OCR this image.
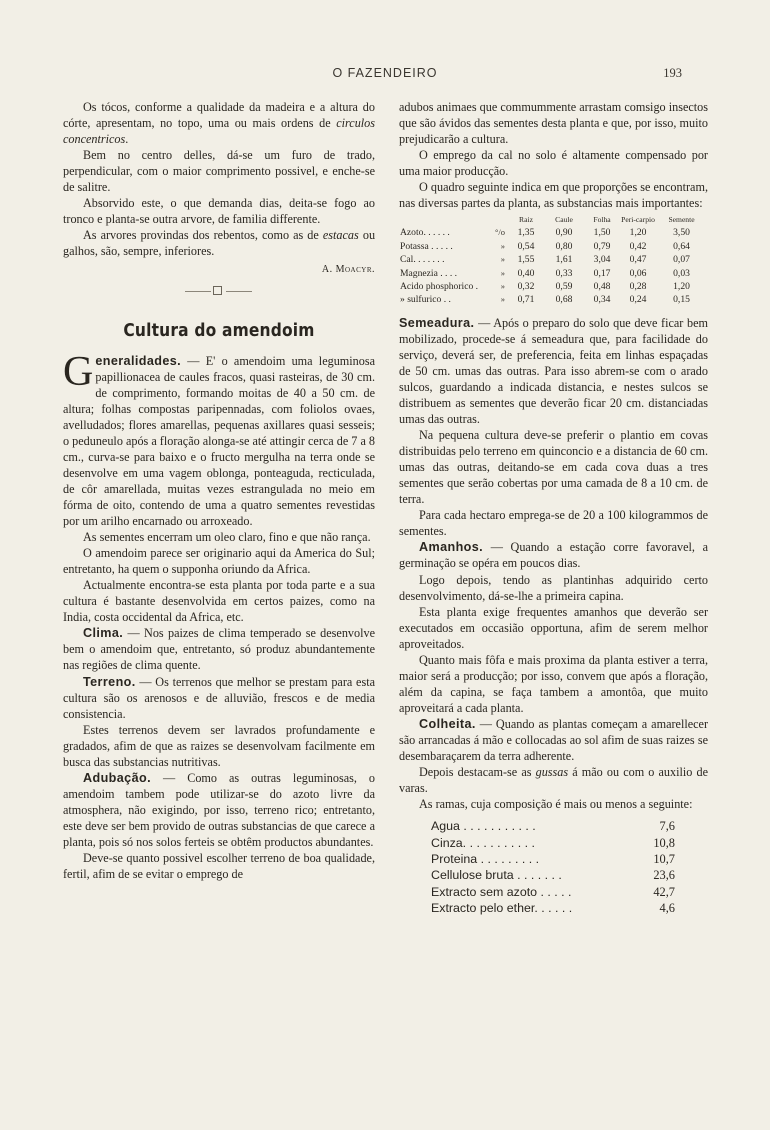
O FAZENDEIRO	193

Os tócos, conforme a qualidade da madeira e a altura do córte, apresentam, no topo, uma ou mais ordens de circulos concentricos.

Bem no centro delles, dá-se um furo de trado, perpendicular, com o maior comprimento possivel, e enche-se de salitre.

Absorvido este, o que demanda dias, deita-se fogo ao tronco e planta-se outra arvore, de familia differente.

As arvores provindas dos rebentos, como as de estacas ou galhos, são, sempre, inferiores.

A. Moacyr.
Cultura do amendoim

Generalidades. — E' o amendoim uma leguminosa papillionacea de caules fracos, quasi rasteiras, de 30 cm. de comprimento, formando moitas de 40 a 50 cm. de altura; folhas compostas paripennadas, com foliolos ovaes, avelludados; flores amarellas, pequenas axillares quasi sesseis; o peduneulo após a floração alonga-se até attingir cerca de 7 a 8 cm., curva-se para baixo e o fructo mergulha na terra onde se desenvolve em uma vagem oblonga, ponteaguda, recticulada, de côr amarellada, muitas vezes estrangulada no meio em fórma de oito, contendo de uma a quatro sementes revestidas por um arilho encarnado ou arroxeado.

As sementes encerram um oleo claro, fino e que não rança.

O amendoim parece ser originario aqui da America do Sul; entretanto, ha quem o supponha oriundo da Africa.

Actualmente encontra-se esta planta por toda parte e a sua cultura é bastante desenvolvida em certos paizes, como na India, costa occidental da Africa, etc.

Clima. — Nos paizes de clima temperado se desenvolve bem o amendoim que, entretanto, só produz abundantemente nas regiões de clima quente.

Terreno. — Os terrenos que melhor se prestam para esta cultura são os arenosos e de alluvião, frescos e de media consistencia.

Estes terrenos devem ser lavrados profundamente e gradados, afim de que as raizes se desenvolvam facilmente em busca das substancias nutritivas.

Adubação. — Como as outras leguminosas, o amendoim tambem pode utilizar-se do azoto livre da atmosphera, não exigindo, por isso, terreno rico; entretanto, este deve ser bem provido de outras substancias de que carece a planta, pois só nos solos ferteis se obtêm productos abundantes.

Deve-se quanto possivel escolher terreno de boa qualidade, fertil, afim de se evitar o emprego de

adubos animaes que commummente arrastam comsigo insectos que são ávidos das sementes desta planta e que, por isso, muito prejudicarão a cultura.

O emprego da cal no solo é altamente compensado por uma maior producção.

O quadro seguinte indica em que proporções se encontram, nas diversas partes da planta, as substancias mais importantes:

		Raiz	Caule	Folha	Peri-carpio	Semente
Azoto. . . . . .	°/o	1,35	0,90	1,50	1,20	3,50
Potassa . . . . .	»	0,54	0,80	0,79	0,42	0,64
Cal. . . . . . .	»	1,55	1,61	3,04	0,47	0,07
Magnezia . . . .	»	0,40	0,33	0,17	0,06	0,03
Acido phosphorico .	»	0,32	0,59	0,48	0,28	1,20
» sulfurico . .	»	0,71	0,68	0,34	0,24	0,15

Semeadura. — Após o preparo do solo que deve ficar bem mobilizado, procede-se á semeadura que, para facilidade do serviço, deverá ser, de preferencia, feita em linhas espaçadas de 50 cm. umas das outras. Para isso abrem-se com o arado sulcos, guardando a indicada distancia, e nestes sulcos se distribuem as sementes que deverão ficar 20 cm. distanciadas umas das outras.

Na pequena cultura deve-se preferir o plantio em covas distribuidas pelo terreno em quinconcio e a distancia de 60 cm. umas das outras, deitando-se em cada cova duas a tres sementes que serão cobertas por uma camada de 8 a 10 cm. de terra.

Para cada hectaro emprega-se de 20 a 100 kilogrammos de sementes.

Amanhos. — Quando a estação corre favoravel, a germinação se opéra em poucos dias.

Logo depois, tendo as plantinhas adquirido certo desenvolvimento, dá-se-lhe a primeira capina.

Esta planta exige frequentes amanhos que deverão ser executados em occasião opportuna, afim de serem melhor aproveitados.

Quanto mais fôfa e mais proxima da planta estiver a terra, maior será a producção; por isso, convem que após a floração, além da capina, se faça tambem a amontôa, que muito aproveitará a cada planta.

Colheita. — Quando as plantas começam a amarellecer são arrancadas á mão e collocadas ao sol afim de suas raizes se desembaraçarem da terra adherente.

Depois destacam-se as gussas á mão ou com o auxilio de varas.

As ramas, cuja composição é mais ou menos a seguinte:

Agua . . . . . . . . . . .	7,6
Cinza. . . . . . . . . . .	10,8
Proteina . . . . . . . . .	10,7
Cellulose bruta . . . . . . .	23,6
Extracto sem azoto . . . . .	42,7
Extracto pelo ether. . . . . .	4,6
